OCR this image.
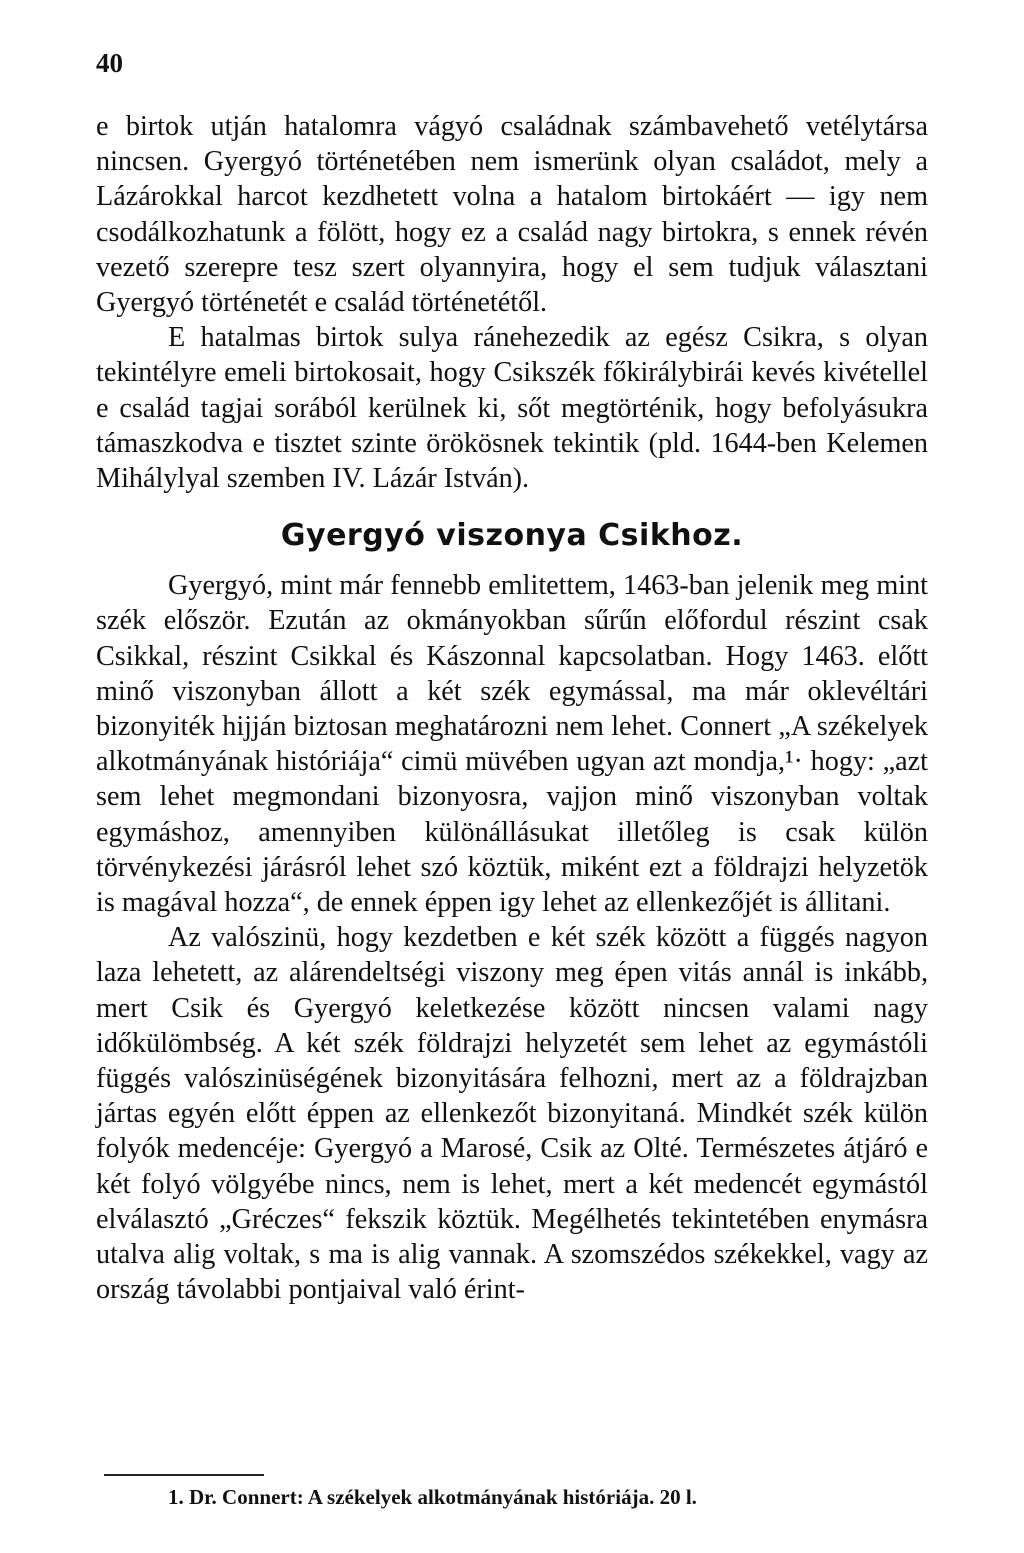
40

e birtok utján hatalomra vágyó családnak számbavehető vetélytársa nincsen. Gyergyó történetében nem ismerünk olyan családot, mely a Lázárokkal harcot kezdhetett volna a hatalom birtokáért — igy nem csodálkozhatunk a fölött, hogy ez a család nagy birtokra, s ennek révén vezető szerepre tesz szert olyannyira, hogy el sem tudjuk választani Gyergyó történetét e család történetétől.

E hatalmas birtok sulya ránehezedik az egész Csikra, s olyan tekintélyre emeli birtokosait, hogy Csikszék főkirálybirái kevés kivétellel e család tagjai sorából kerülnek ki, sőt megtörténik, hogy befolyásukra támaszkodva e tisztet szinte örökösnek tekintik (pld. 1644-ben Kelemen Mihálylyal szemben IV. Lázár István).

Gyergyó viszonya Csikhoz.

Gyergyó, mint már fennebb emlitettem, 1463-ban jelenik meg mint szék először. Ezután az okmányokban sűrűn előfordul részint csak Csikkal, részint Csikkal és Kászonnal kapcsolatban. Hogy 1463. előtt minő viszonyban állott a két szék egymással, ma már oklevéltári bizonyiték hijján biztosan meghatározni nem lehet. Connert „A székelyek alkotmányának históriája“ cimü müvében ugyan azt mondja,¹· hogy: „azt sem lehet megmondani bizonyosra, vajjon minő viszonyban voltak egymáshoz, amennyiben különállásukat illetőleg is csak külön törvénykezési járásról lehet szó köztük, miként ezt a földrajzi helyzetök is magával hozza“, de ennek éppen igy lehet az ellenkezőjét is állitani.

Az valószinü, hogy kezdetben e két szék között a függés nagyon laza lehetett, az alárendeltségi viszony meg épen vitás annál is inkább, mert Csik és Gyergyó keletkezése között nincsen valami nagy időkülömbség. A két szék földrajzi helyzetét sem lehet az egymástóli függés valószinüségének bizonyitására felhozni, mert az a földrajzban jártas egyén előtt éppen az ellenkezőt bizonyitaná. Mindkét szék külön folyók medencéje: Gyergyó a Marosé, Csik az Olté. Természetes átjáró e két folyó völgyébe nincs, nem is lehet, mert a két medencét egymástól elválasztó „Gréczes“ fekszik köztük. Megélhetés tekintetében enymásra utalva alig voltak, s ma is alig vannak. A szomszédos székekkel, vagy az ország távolabbi pontjaival való érint-

1. Dr. Connert: A székelyek alkotmányának históriája. 20 l.
